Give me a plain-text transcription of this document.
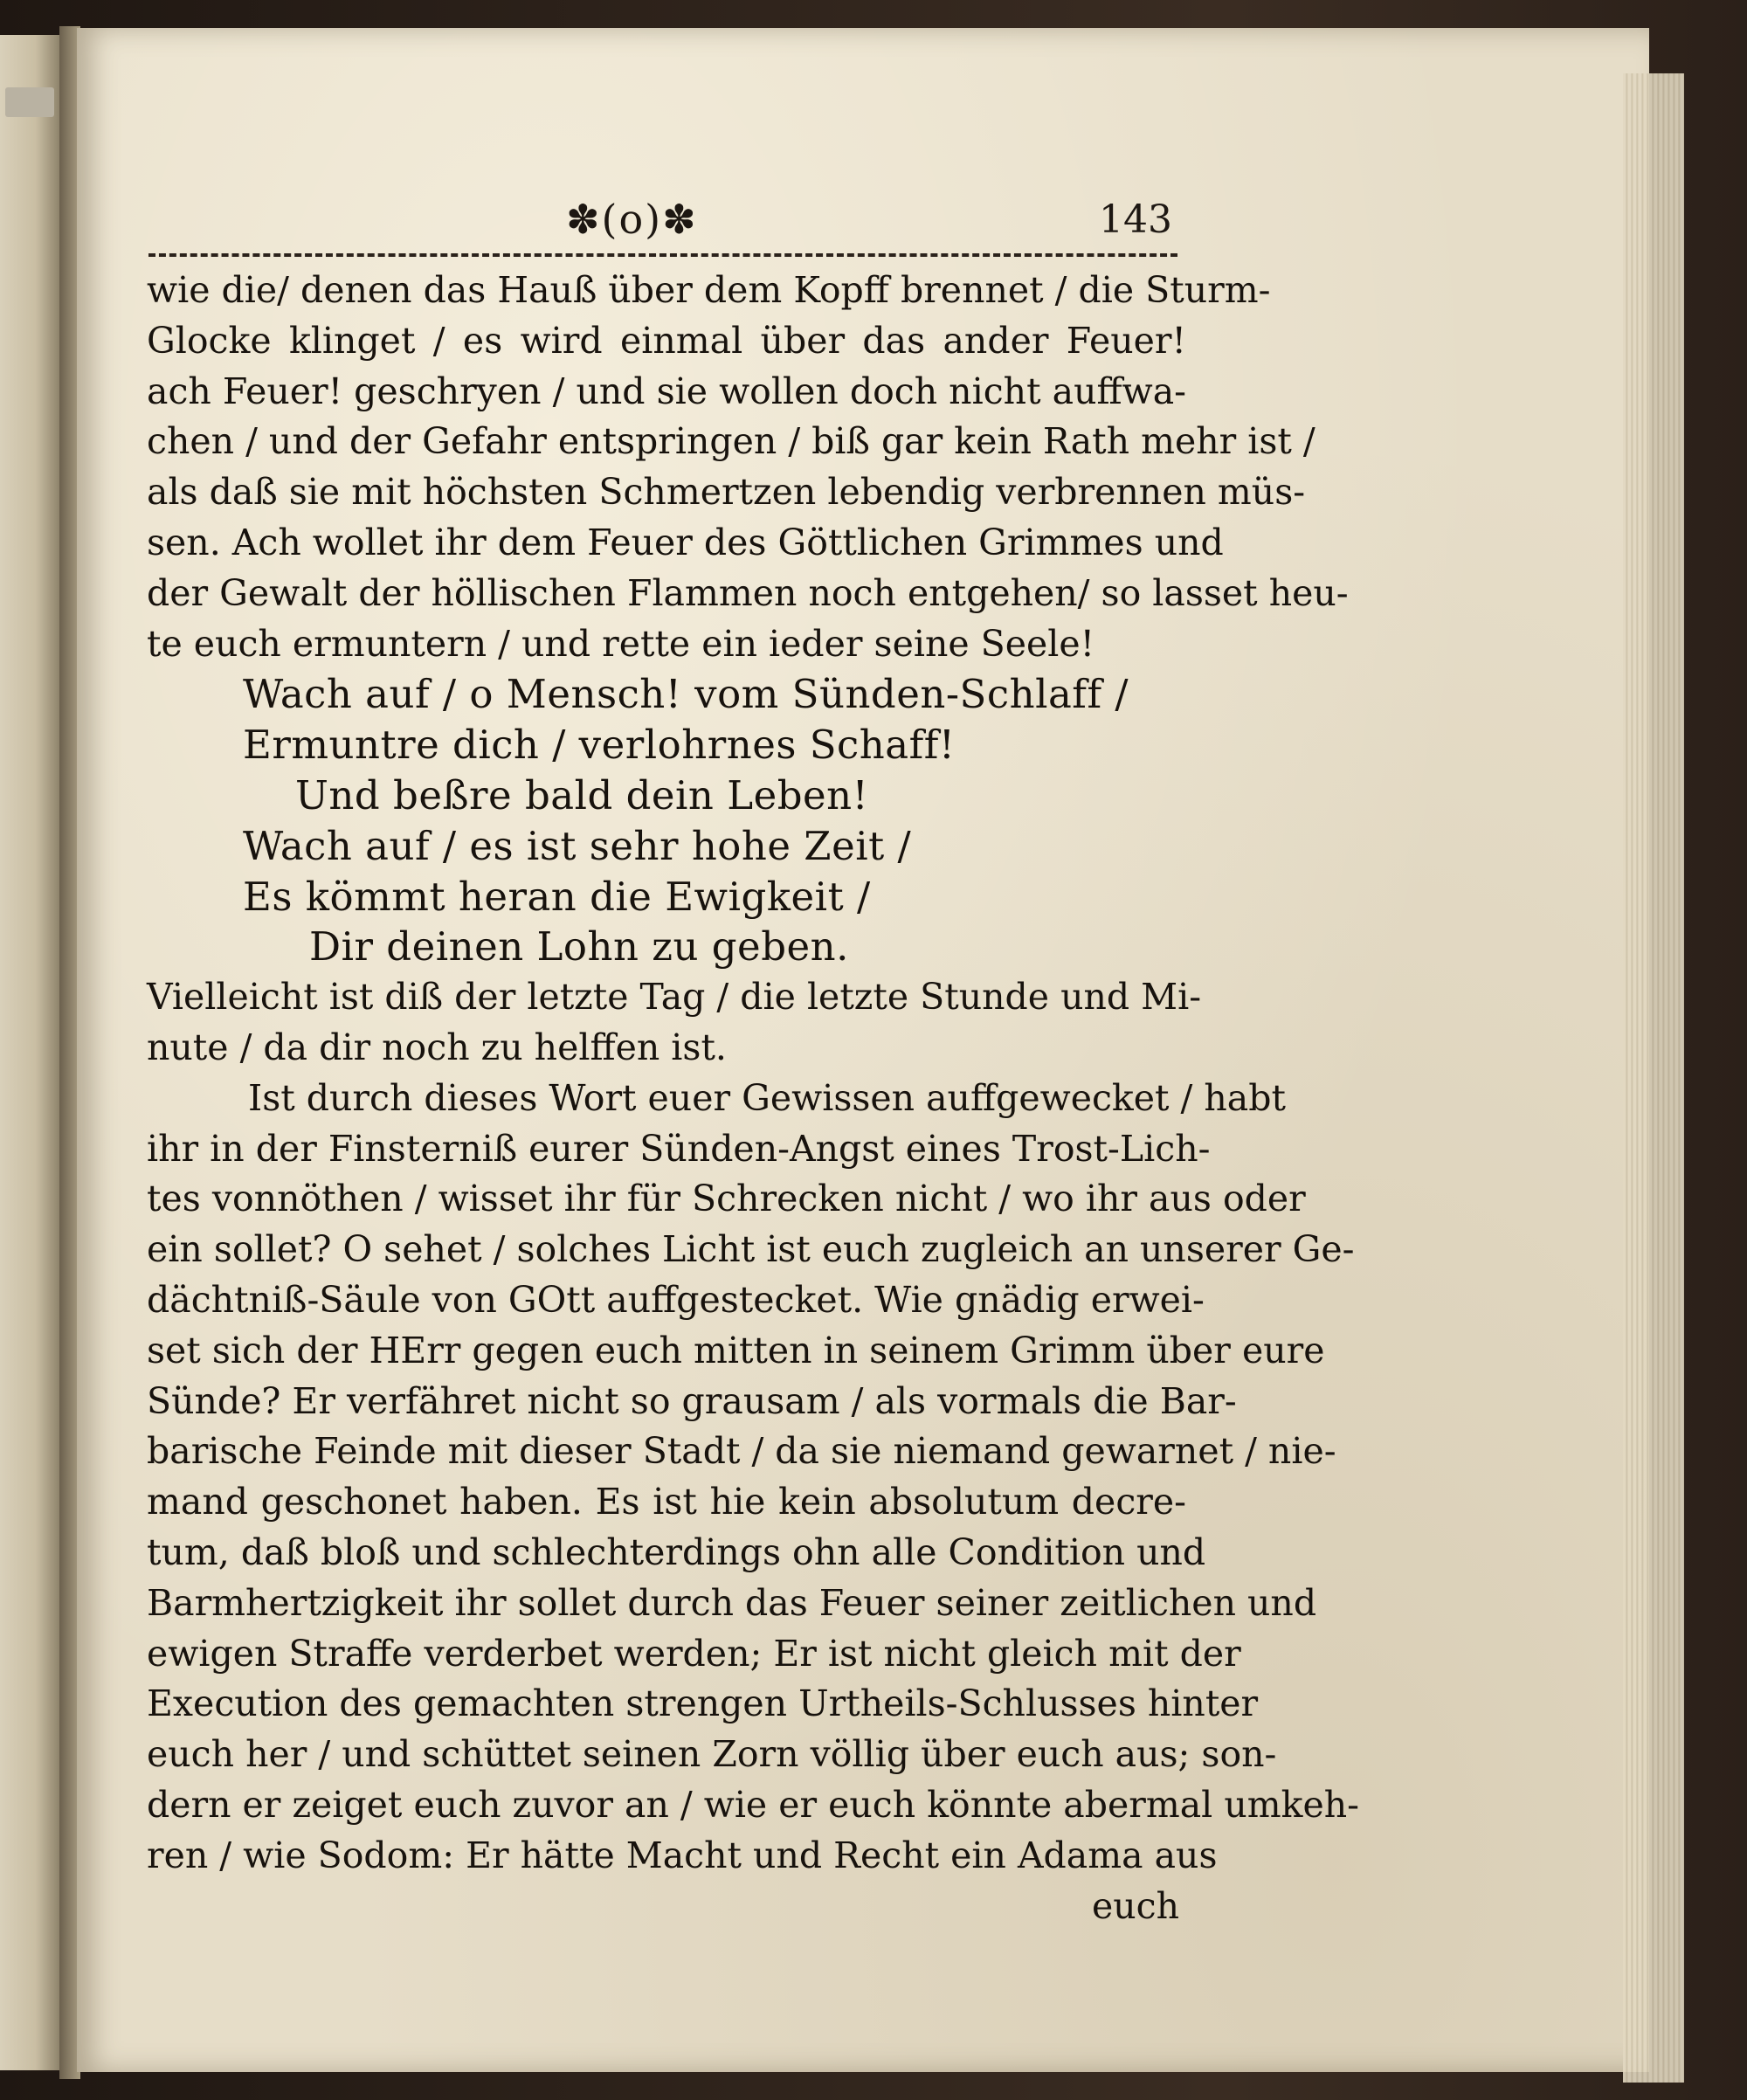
✽(o)✽	143
wie die/ denen das Hauß über dem Kopff brennet / die Sturm-
Glocke klinget / es wird einmal über das ander Feuer!
ach Feuer! geschryen / und sie wollen doch nicht auffwa-
chen / und der Gefahr entspringen / biß gar kein Rath mehr ist /
als daß sie mit höchsten Schmertzen lebendig verbrennen müs-
sen. Ach wollet ihr dem Feuer des Göttlichen Grimmes und
der Gewalt der höllischen Flammen noch entgehen/ so lasset heu-
te euch ermuntern / und rette ein ieder seine Seele!
Wach auf / o Mensch! vom Sünden-Schlaff /
Ermuntre dich / verlohrnes Schaff!
Und beßre bald dein Leben!
Wach auf / es ist sehr hohe Zeit /
Es kömmt heran die Ewigkeit /
Dir deinen Lohn zu geben.
Vielleicht ist diß der letzte Tag / die letzte Stunde und Mi-
nute / da dir noch zu helffen ist.
Ist durch dieses Wort euer Gewissen auffgewecket / habt
ihr in der Finsterniß eurer Sünden-Angst eines Trost-Lich-
tes vonnöthen / wisset ihr für Schrecken nicht / wo ihr aus oder
ein sollet? O sehet / solches Licht ist euch zugleich an unserer Ge-
dächtniß-Säule von GOtt auffgestecket. Wie gnädig erwei-
set sich der HErr gegen euch mitten in seinem Grimm über eure
Sünde? Er verfähret nicht so grausam / als vormals die Bar-
barische Feinde mit dieser Stadt / da sie niemand gewarnet / nie-
mand geschonet haben. Es ist hie kein absolutum decre-
tum, daß bloß und schlechterdings ohn alle Condition und
Barmhertzigkeit ihr sollet durch das Feuer seiner zeitlichen und
ewigen Straffe verderbet werden; Er ist nicht gleich mit der
Execution des gemachten strengen Urtheils-Schlusses hinter
euch her / und schüttet seinen Zorn völlig über euch aus; son-
dern er zeiget euch zuvor an / wie er euch könnte abermal umkeh-
ren / wie Sodom: Er hätte Macht und Recht ein Adama aus
euch
